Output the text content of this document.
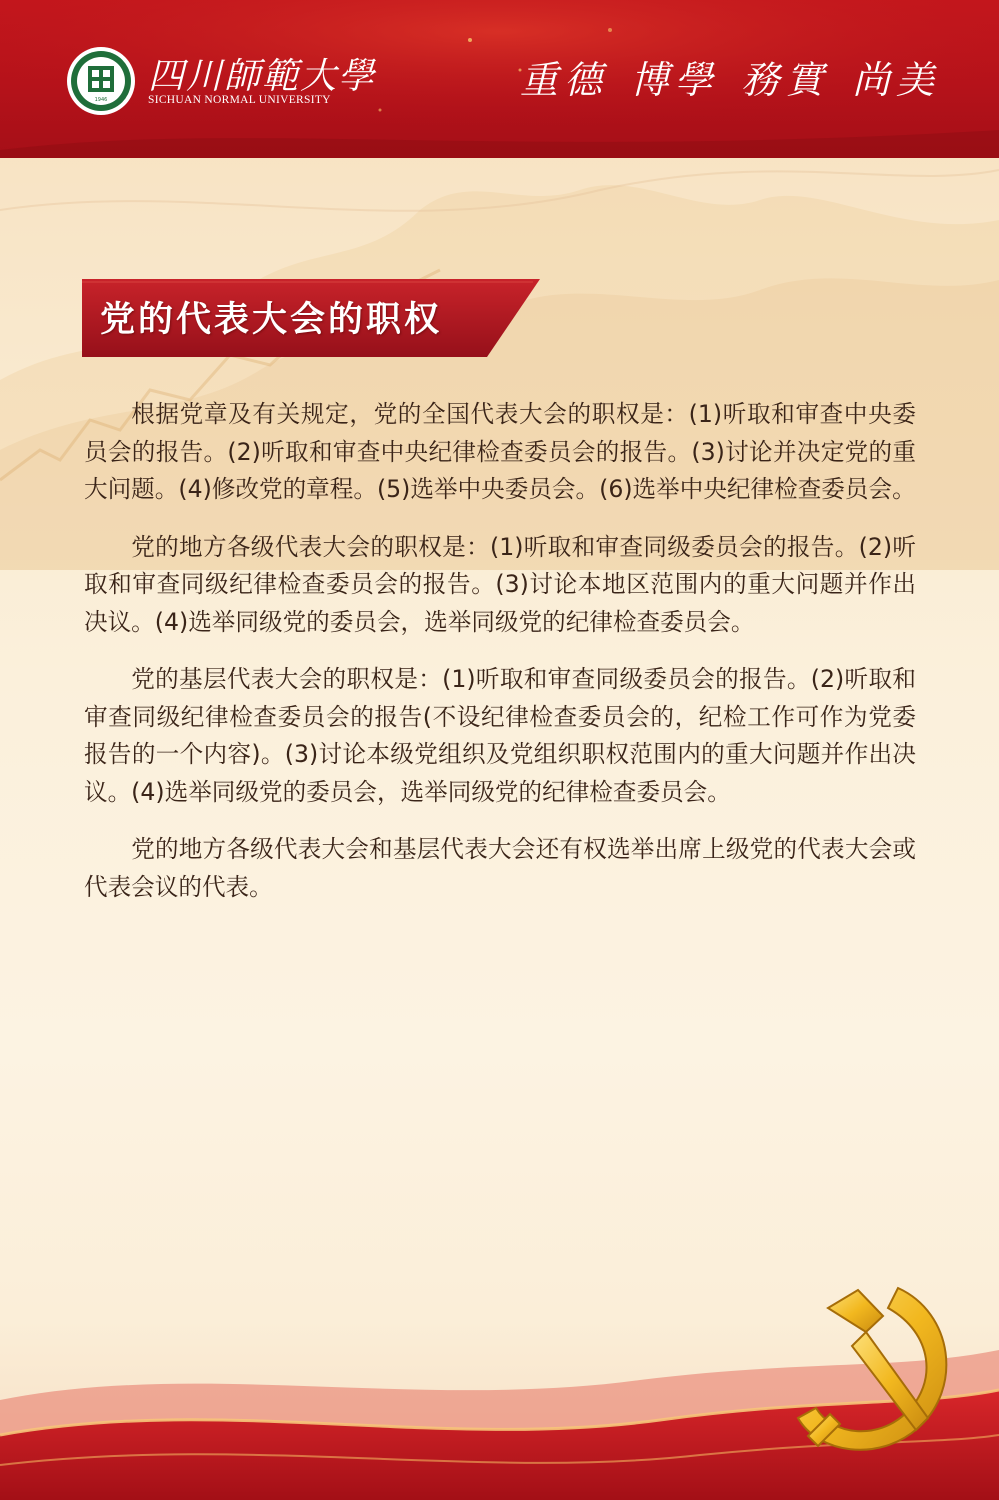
1946
四川師範大學
SICHUAN NORMAL UNIVERSITY	重德 博學 務實 尚美
党的代表大会的职权

根据党章及有关规定，党的全国代表大会的职权是：(1)听取和审查中央委员会的报告。(2)听取和审查中央纪律检查委员会的报告。(3)讨论并决定党的重大问题。(4)修改党的章程。(5)选举中央委员会。(6)选举中央纪律检查委员会。

党的地方各级代表大会的职权是：(1)听取和审查同级委员会的报告。(2)听取和审查同级纪律检查委员会的报告。(3)讨论本地区范围内的重大问题并作出决议。(4)选举同级党的委员会，选举同级党的纪律检查委员会。

党的基层代表大会的职权是：(1)听取和审查同级委员会的报告。(2)听取和审查同级纪律检查委员会的报告(不设纪律检查委员会的，纪检工作可作为党委报告的一个内容)。(3)讨论本级党组织及党组织职权范围内的重大问题并作出决议。(4)选举同级党的委员会，选举同级党的纪律检查委员会。

党的地方各级代表大会和基层代表大会还有权选举出席上级党的代表大会或代表会议的代表。
